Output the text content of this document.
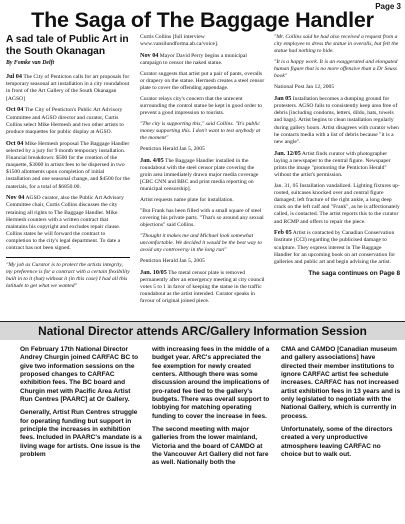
Page 3
The Saga of The Baggage Handler
A sad tale of Public Art in the South Okanagan
By Fomke van Delft

Jul 04 The City of Penticton calls for art proposals for temporary seasonal art installation in a city roundabout in front of the Art Gallery of the South Okanagan [AGSO]

Oct 04 The City of Penticton's Public Art Advisory Committee and AGSO director and curator, Curtis Collins select Mike Hermesh and two other artists to produce maquettes for public display at AGSO.

Oct 04 Mike Hermesh proposal The Baggage Handler selected by a jury for 9 month temporary installation. Financial breakdown: $500 for the creation of the maquette, $3000 in artists fees to be dispersed in two $1500 allotments upon completion of initial installation and one seasonal change, and $4500 for the materials, for a total of $6850.00.

Nov 04 AGSO curator, also the Public Art Advisory Committee chair, Curtis Collins discusses the city retaining all rights to The Baggage Handler. Mike Hermesh counters with a written contract that maintains his copyright and excludes repair clause. Collins states he will forward the contract to completion to the city's legal department. To date a contract has not been signed.

"My job as Curator is to protect the artists integrity, my preference is for a contract with a certain flexibility built in to it (but) without it (in this case) I had all this latitude to get what we wanted"

Curtis Collins [full interview www.vansilundforma.ab.ca/voice].

Nov 04 Mayor David Perry begins a municipal campaign to censor the naked statue.

Curator suggests that artist put a pair of pants, overalls or drapery on the statue. Hermesh creates a steel censor plate to cover the offending appendage.

Curator relays city's concern that the unrecent surrounding the control statue be kept in good order to prevent a good impression to tourists.

"The city is supporting this," said Collins. "It's public money supporting this. I don't want to test anybody at the moment"

Penticton Herald Jan 5, 2005

Jan. 4/05 The Baggage Handler installed in the roundabout with the steel censor plate covering the groin area immediately drawn major media coverage [CBC CNN and BBC and print media reporting on municipal censorship].

Artist requests name plate for installation.

"But Frank has been filled with a small square of steel covering his private parts. "That's so around any sexual objections" said Collins.

"Thought it makes me and Michael look somewhat uncomfortable. We decided it would be the best way to avoid any controversy in the long run"

Penticton Herald Jan 5, 2005

Jan. 10/05 The metal censor plate is removed permanently after an emergency meeting at city council votes 5 to 1 in favor of keeping the statue in the traffic roundabout as the artist intended. Curator speaks in favour of original joined piece.

"Mr. Collins said he had also received a request from a city employee to dress the statue in overalls, but felt the statue had nothing to hide.

"It is a happy work. It is an exaggerated and elongated human figure that is no more offensive than a Dr Seuss book"

National Post Jan 12, 2005

Jan 05 Installation becomes a dumping ground for protesters. AGSO fails to consistently keep area free of debris [including condoms, letters, dildo, hats, towels and bags]. Artist begins to clean installation regularly during gallery hours. Artist disagrees with curator when he contacts media with a list of debris because "it is a new angle".

Jan. 12/05 Artist finds curator with photographer laying a newspaper to the central figure. Newspaper prints the image "promoting the Penticton Herald" without the artist's permission.

Jan. 31, 05 Installation vandalized. Lighting fixtures up-rooted, suitcases knocked over and central figure damaged; left fracture of the right ankle, a long deep crack on the left calf and "Frank", as he is affectionately called, is contacted. The artist reports this to the curator and RCMP and offers to repair the piece.

Feb 05 Artist is contacted by Canadian Conservation Institute (CCI) regarding the publicised damage to sculpture. They express interest in The Baggage Handler for an upcoming book on art conservation for galleries and public art and begin advising the artist.

The saga continues on Page 8
National Director attends ARC/Gallery Information Session

On February 17th National Director Andrey Churgin joined CARFAC BC to give two information sessions on the proposed changes to CARFAC exhibition fees. The BC board and Churgin met with Pacific Area Artist Run Centres [PAARC] at Or Gallery.

Generally, Artist Run Centres struggle for operating funding but support in principle the increases in exhibition fees. Included in PAARC's mandate is a living wage for artists. One issue is the problem

with increasing fees in the middle of a budget year. ARC's appreciated the fee exemption for newly created centers. Although there was some discussion around the implications of pro-rated fee tied to the gallery's budgets. There was overall support to lobbying for matching operating funding to cover the increase in fees.

The second meeting with major galleries from the lower mainland, Victoria and the board of CAMDO at the Vancouver Art Gallery did not fare as well. Nationally both the

CMA and CAMDO [Canadian museum and gallery associations] have directed their member institutions to ignore CARFAC artist fee schedule increases. CARFAC has not increased artist exhibition fees in 13 years and is only legislated to negotiate with the National Gallery, which is currently in process.

Unfortunately, some of the directors created a very unproductive atmosphere leaving CARFAC no choice but to walk out.
